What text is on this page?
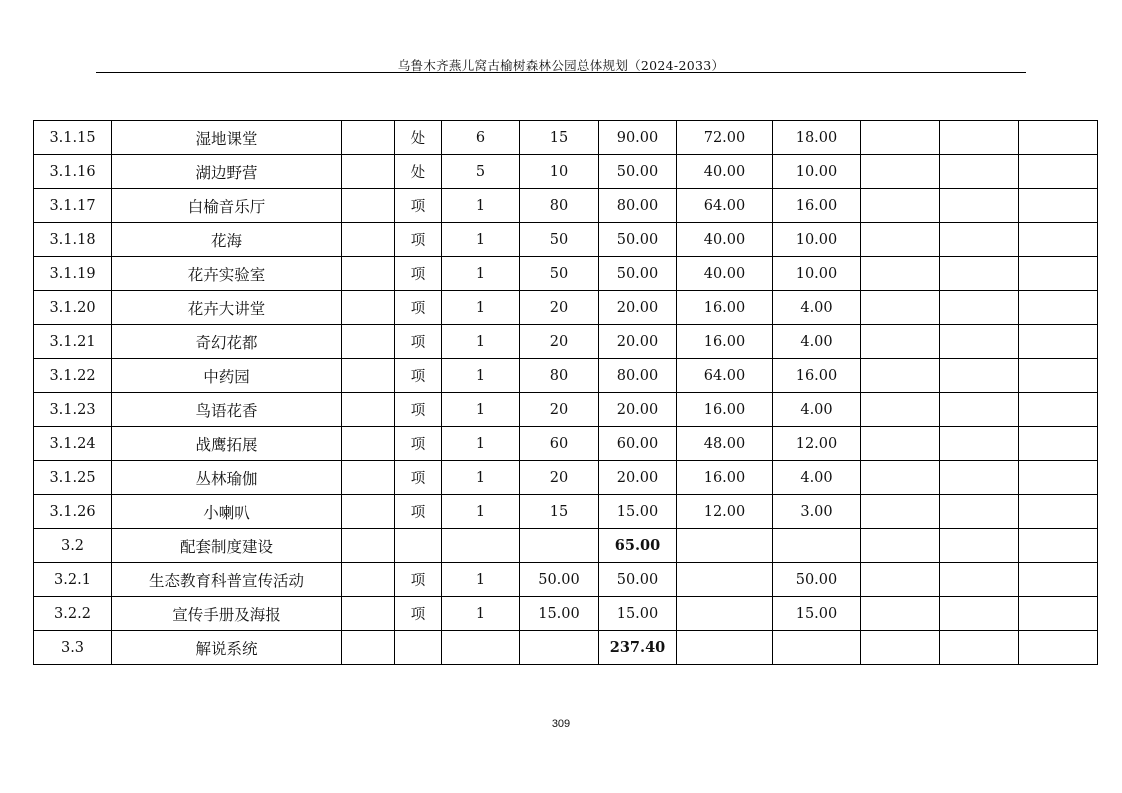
乌鲁木齐燕儿窝古榆树森林公园总体规划（2024-2033）
3.1.15	湿地课堂		处	6	15	90.00	72.00	18.00			
3.1.16	湖边野营		处	5	10	50.00	40.00	10.00			
3.1.17	白榆音乐厅		项	1	80	80.00	64.00	16.00			
3.1.18	花海		项	1	50	50.00	40.00	10.00			
3.1.19	花卉实验室		项	1	50	50.00	40.00	10.00			
3.1.20	花卉大讲堂		项	1	20	20.00	16.00	4.00			
3.1.21	奇幻花都		项	1	20	20.00	16.00	4.00			
3.1.22	中药园		项	1	80	80.00	64.00	16.00			
3.1.23	鸟语花香		项	1	20	20.00	16.00	4.00			
3.1.24	战鹰拓展		项	1	60	60.00	48.00	12.00			
3.1.25	丛林瑜伽		项	1	20	20.00	16.00	4.00			
3.1.26	小喇叭		项	1	15	15.00	12.00	3.00			
3.2	配套制度建设					65.00					
3.2.1	生态教育科普宣传活动		项	1	50.00	50.00		50.00			
3.2.2	宣传手册及海报		项	1	15.00	15.00		15.00			
3.3	解说系统					237.40					
309
